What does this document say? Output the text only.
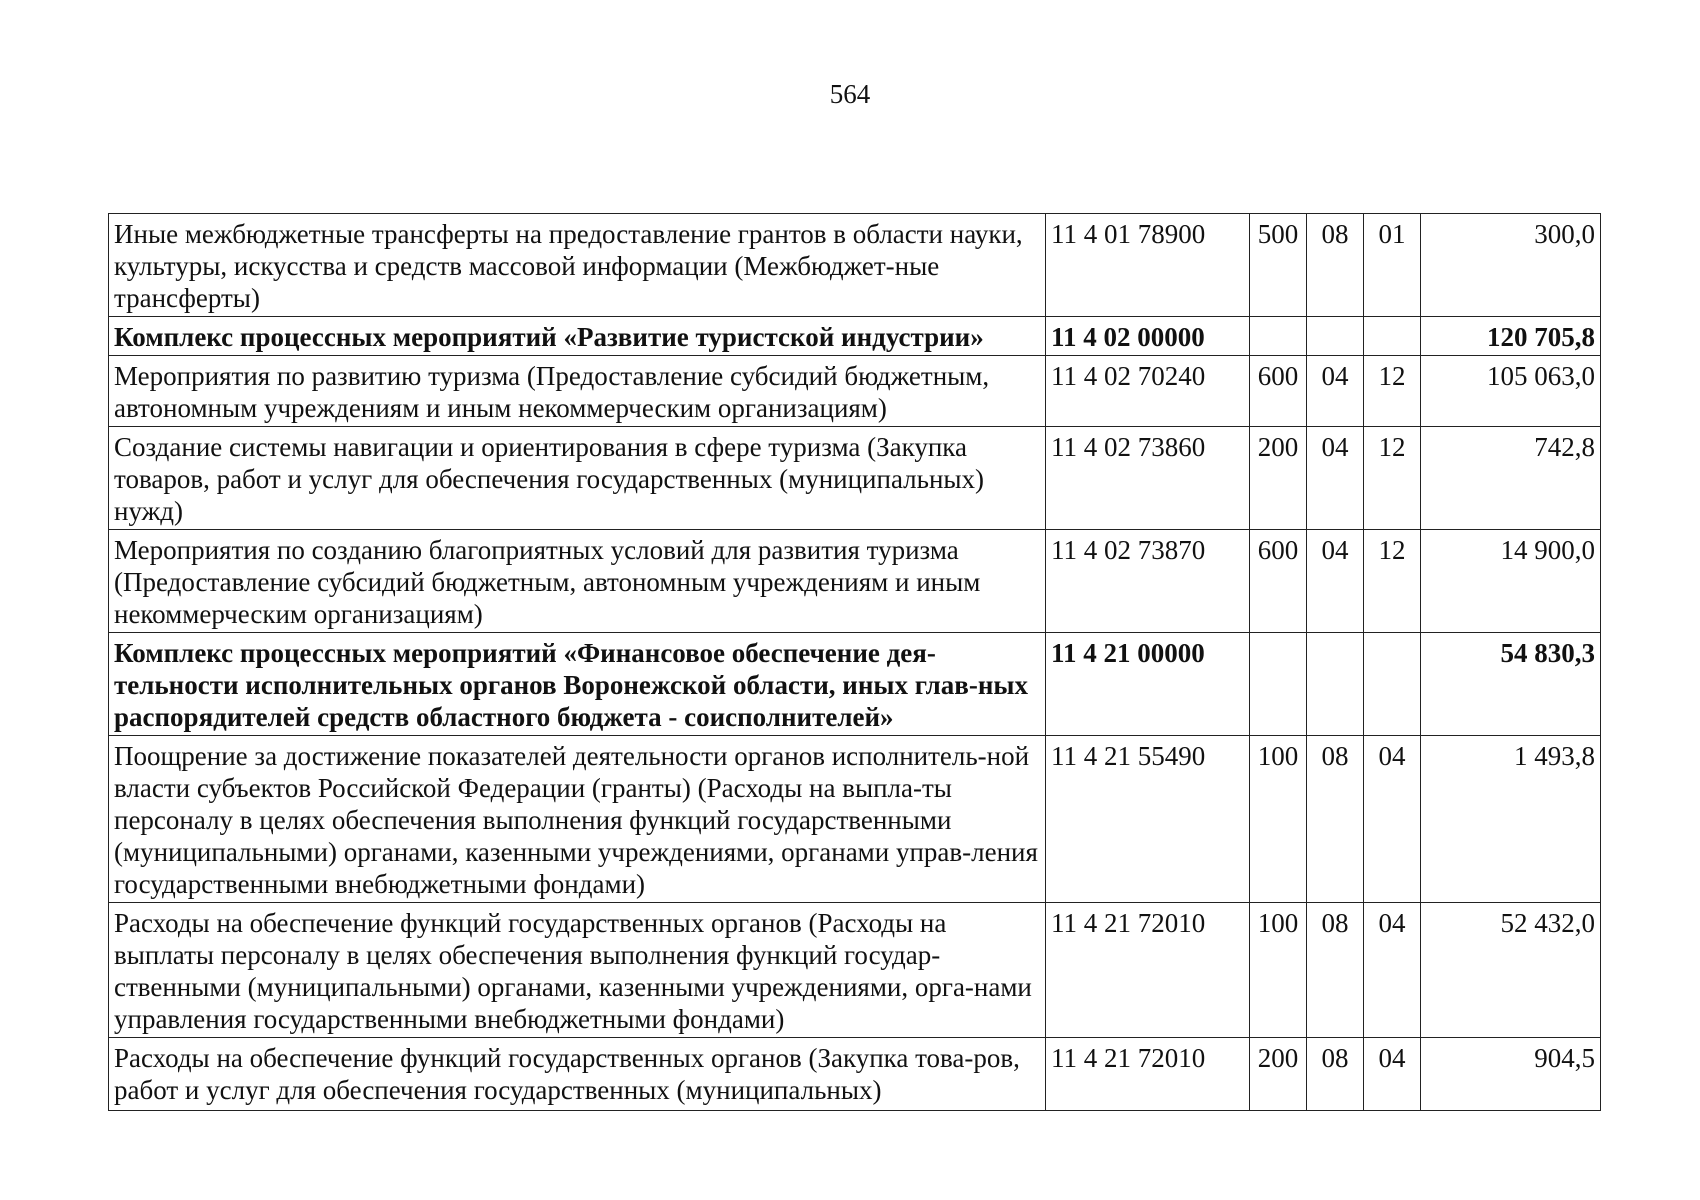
564
Иные межбюджетные трансферты на предоставление грантов в области науки, культуры, искусства и средств массовой информации (Межбюджет-ные трансферты)	11 4 01 78900	500	08	01	300,0
Комплекс процессных мероприятий «Развитие туристской индустрии»	11 4 02 00000				120 705,8
Мероприятия по развитию туризма (Предоставление субсидий бюджетным, автономным учреждениям и иным некоммерческим организациям)	11 4 02 70240	600	04	12	105 063,0
Создание системы навигации и ориентирования в сфере туризма (Закупка товаров, работ и услуг для обеспечения государственных (муниципальных) нужд)	11 4 02 73860	200	04	12	742,8
Мероприятия по созданию благоприятных условий для развития туризма (Предоставление субсидий бюджетным, автономным учреждениям и иным некоммерческим организациям)	11 4 02 73870	600	04	12	14 900,0
Комплекс процессных мероприятий «Финансовое обеспечение дея-тельности исполнительных органов Воронежской области, иных глав-ных распорядителей средств областного бюджета - соисполнителей»	11 4 21 00000				54 830,3
Поощрение за достижение показателей деятельности органов исполнитель-ной власти субъектов Российской Федерации (гранты) (Расходы на выпла-ты персоналу в целях обеспечения выполнения функций государственными (муниципальными) органами, казенными учреждениями, органами управ-ления государственными внебюджетными фондами)	11 4 21 55490	100	08	04	1 493,8
Расходы на обеспечение функций государственных органов (Расходы на выплаты персоналу в целях обеспечения выполнения функций государ-ственными (муниципальными) органами, казенными учреждениями, орга-нами управления государственными внебюджетными фондами)	11 4 21 72010	100	08	04	52 432,0
Расходы на обеспечение функций государственных органов (Закупка това-ров, работ и услуг для обеспечения государственных (муниципальных)	11 4 21 72010	200	08	04	904,5
